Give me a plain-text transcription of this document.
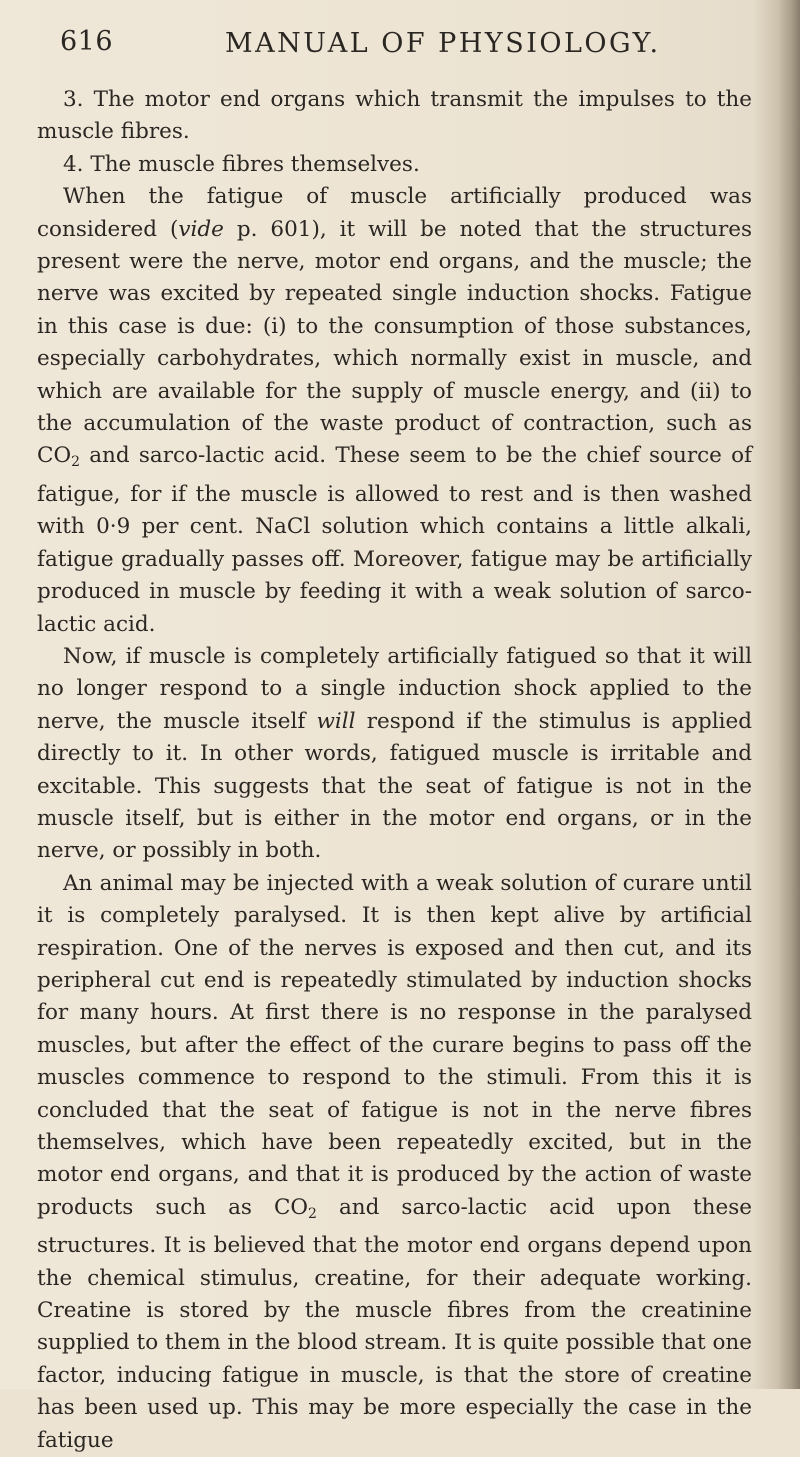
616	MANUAL OF PHYSIOLOGY.

3. The motor end organs which transmit the impulses to the muscle fibres.

4. The muscle fibres themselves.

When the fatigue of muscle artificially produced was considered (vide p. 601), it will be noted that the structures present were the nerve, motor end organs, and the muscle; the nerve was excited by repeated single induction shocks. Fatigue in this case is due: (i) to the consumption of those substances, especially carbohydrates, which normally exist in muscle, and which are available for the supply of muscle energy, and (ii) to the accumulation of the waste product of contraction, such as $CO_2$ and sarco-lactic acid. These seem to be the chief source of fatigue, for if the muscle is allowed to rest and is then washed with 0·9 per cent. NaCl solution which contains a little alkali, fatigue gradually passes off. Moreover, fatigue may be artificially produced in muscle by feeding it with a weak solution of sarco-lactic acid.

Now, if muscle is completely artificially fatigued so that it will no longer respond to a single induction shock applied to the nerve, the muscle itself will respond if the stimulus is applied directly to it. In other words, fatigued muscle is irritable and excitable. This suggests that the seat of fatigue is not in the muscle itself, but is either in the motor end organs, or in the nerve, or possibly in both.

An animal may be injected with a weak solution of curare until it is completely paralysed. It is then kept alive by artificial respiration. One of the nerves is exposed and then cut, and its peripheral cut end is repeatedly stimulated by induction shocks for many hours. At first there is no response in the paralysed muscles, but after the effect of the curare begins to pass off the muscles commence to respond to the stimuli. From this it is concluded that the seat of fatigue is not in the nerve fibres themselves, which have been repeatedly excited, but in the motor end organs, and that it is produced by the action of waste products such as $CO_2$ and sarco-lactic acid upon these structures. It is believed that the motor end organs depend upon the chemical stimulus, creatine, for their adequate working. Creatine is stored by the muscle fibres from the creatinine supplied to them in the blood stream. It is quite possible that one factor, inducing fatigue in muscle, is that the store of creatine has been used up. This may be more especially the case in the fatigue
